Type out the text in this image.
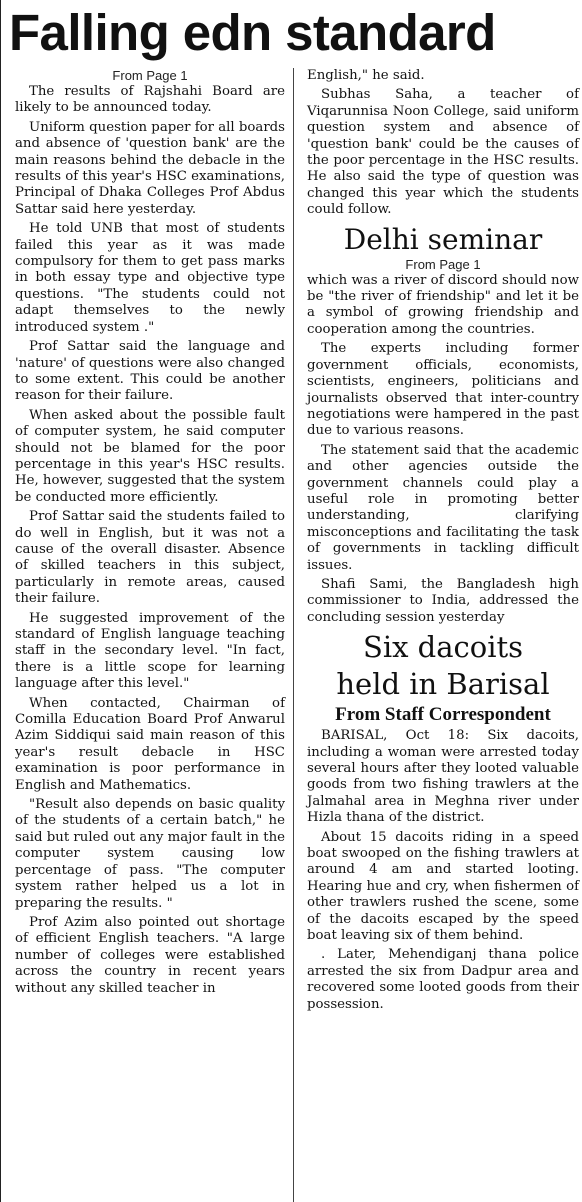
Falling edn standard
From Page 1

The results of Rajshahi Board are likely to be announced today.

Uniform question paper for all boards and absence of 'question bank' are the main reasons behind the debacle in the results of this year's HSC examinations, Principal of Dhaka Colleges Prof Abdus Sattar said here yesterday.

He told UNB that most of students failed this year as it was made compulsory for them to get pass marks in both essay type and objective type questions. "The students could not adapt themselves to the newly introduced system ."

Prof Sattar said the language and 'nature' of questions were also changed to some extent. This could be another reason for their failure.

When asked about the possible fault of computer system, he said computer should not be blamed for the poor percentage in this year's HSC results. He, however, suggested that the system be conducted more efficiently.

Prof Sattar said the students failed to do well in English, but it was not a cause of the overall disaster. Absence of skilled teachers in this subject, particularly in remote areas, caused their failure.

He suggested improvement of the standard of English language teaching staff in the secondary level. "In fact, there is a little scope for learning language after this level."

When contacted, Chairman of Comilla Education Board Prof Anwarul Azim Siddiqui said main reason of this year's result debacle in HSC examination is poor performance in English and Mathematics.

"Result also depends on basic quality of the students of a certain batch," he said but ruled out any major fault in the computer system causing low percentage of pass. "The computer system rather helped us a lot in preparing the results. "

Prof Azim also pointed out shortage of efficient English teachers. "A large number of colleges were established across the country in recent years without any skilled teacher in

English," he said.

Subhas Saha, a teacher of Viqarunnisa Noon College, said uniform question system and absence of 'question bank' could be the causes of the poor percentage in the HSC results. He also said the type of question was changed this year which the students could follow.

Delhi seminar
From Page 1

which was a river of discord should now be "the river of friendship" and let it be a symbol of growing friendship and cooperation among the countries.

The experts including former government officials, economists, scientists, engineers, politicians and journalists observed that inter-country negotiations were hampered in the past due to various reasons.

The statement said that the academic and other agencies outside the government channels could play a useful role in promoting better understanding, clarifying misconceptions and facilitating the task of governments in tackling difficult issues.

Shafi Sami, the Bangladesh high commissioner to India, addressed the concluding session yesterday

Six dacoits
held in Barisal
From Staff Correspondent

BARISAL, Oct 18: Six dacoits, including a woman were arrested today several hours after they looted valuable goods from two fishing trawlers at the Jalmahal area in Meghna river under Hizla thana of the district.

About 15 dacoits riding in a speed boat swooped on the fishing trawlers at around 4 am and started looting. Hearing hue and cry, when fishermen of other trawlers rushed the scene, some of the dacoits escaped by the speed boat leaving six of them behind.

. Later, Mehendiganj thana police arrested the six from Dadpur area and recovered some looted goods from their possession.
